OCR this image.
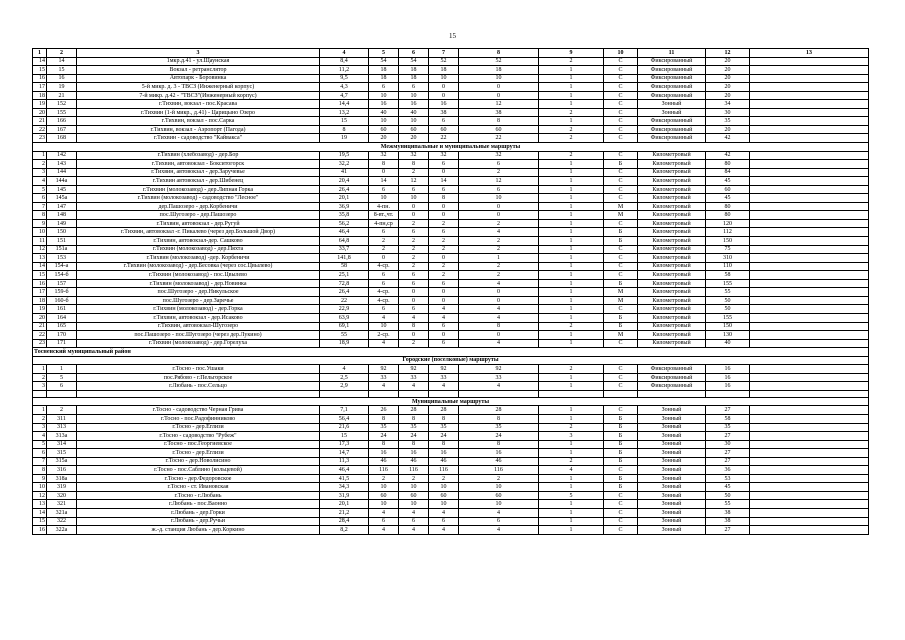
15
1	2	3	4	5	6	7	8	9	10	11	12	13
14	14	1мкр.д.41 - ул.Щаунская	8,4	54	54	52	52	2	С	Фиксированный	20	
15	15	Вокзал - ретранслятор	11,2	18	18	18	18	1	С	Фиксированный	20	
16	16	Автопарк - Боровинка	9,5	18	18	10	10	1	С	Фиксированный	20	
17	19	5-й микр. д. 3 - ТВСЗ (Инженерный корпус)	4,3	6	6	0	0	1	С	Фиксированный	20	
18	21	7-й микр. д.42 - "ТВСЗ"(Инженерный корпус)	4,7	10	10	0	0	1	С	Фиксированный	20	
19	152	г.Тихвин, вокзал - пос.Красава	14,4	16	16	16	12	1	С	Зонный	34	
20	155	г.Тихвин (1-й микр., д.41) - Царицыно Озеро	13,2	40	40	38	38	2	С	Зонный	30	
21	166	г.Тихвин, вокзал - пос.Сарка	15	10	10	6	8	1	С	Фиксированный	35	
22	167	г.Тихвин, вокзал - Аэропорт (Пагода)	8	60	60	60	60	2	С	Фиксированный	20	
23	168	г.Тихвин - садоводство "Кайвакса"	19	20	20	22	22	2	С	Фиксированный	42	
Межмуниципальные и муниципальные маршруты												
1	142	г.Тихвин (хлебозавод) - дер.Бор	19,5	32	32	32	32	2	С	Километровый	42	
2	143	г.Тихвин, автовокзал - Бокситогорск	32,2	8	8	6	6	1	Б	Километровый	80	
3	144	г.Тихвин, автовокзал - дер.Заручевье	41	0	2	0	2	1	С	Километровый	84	
4	144а	г.Тихвин автовокзал - дер.Шибенец	20,4	14	12	14	12	1	С	Километровый	45	
5	145	г.Тихвин (молокозавод) - дер.Липная Горка	26,4	6	6	6	6	1	С	Километровый	60	
6	145а	г.Тихвин (молокозавод) - садоводство "Лесное"	20,1	10	10	8	10	1	С	Километровый	45	
7	147	дер.Пашозеро - дер.Корбеничи	36,9	4-пн.	0	0	0	1	М	Километровый	80	
8	148	пос.Шугозеро - дер.Пашозеро	35,8	8-вт.,чт.	0	0	0	1	М	Километровый	80	
9	149	г.Тихвин, автовокзал - дер.Ругуй	56,2	4-пн,ср	2	2	2	1	С	Километровый	120	
10	150	г.Тихвин, автовокзал -г. Пикалево (через дер.Большой Двор)	46,4	6	6	6	4	1	Б	Километровый	112	
11	151	г.Тихвин, автовокзал-дер. Сашково	64,8	2	2	2	2	1	Б	Километровый	150	
12	151а	г.Тихвин (молокозавод) - дер.Пяхта	33,7	2	2	2	2	1	С	Километровый	75	
13	153	г.Тихвин (молокозавод) -дер. Корбеничи	141,8	0	2	0	1	1	С	Километровый	310	
14	154-а	г.Тихвин (молокозавод) - дер.Бесовка (через сос.Цвылево)	58	4-ср.	2	2	2	1	С	Километровый	110	
15	154-б	г.Тихвин (молокозавод) - пос.Цвылево	25,1	6	6	2	2	1	С	Километровый	58	
16	157	г.Тихвин (молокозавод) - дер.Новинка	72,8	6	6	6	4	1	Б	Километровый	155	
17	159-б	пос.Шугозеро - дер.Никульское	26,4	4-ср.	0	0	0	1	М	Километровый	55	
18	160-б	пос.Шугозеро - дер.Заречье	22	4-ср.	0	0	0	1	М	Километровый	50	
19	161	г.Тихвин (молокозавод) - дер.Горка	22,9	6	6	4	4	1	С	Километровый	50	
20	164	г.Тихвин, автовокзал - дер.Исаково	63,9	4	4	4	4	1	Б	Километровый	155	
21	165	г.Тихвин, автовокзал-Шугозеро	69,1	10	8	6	8	2	Б	Километровый	150	
22	170	пос.Пашозеро - пос.Шугозеро (через дер.Лукино)	55	2-ср.	0	0	0	1	М	Километровый	130	
23	171	г.Тихвин (молокозавод) - дер.Горелуха	18,9	4	2	6	4	1	С	Километровый	40	
Тосненский муниципальный район												
Городские (поселковые) маршруты												
1	1	г.Тосно - пос.Ушаки	4	92	92	92	92	2	С	Фиксированный	16	
2	5	пос.Рябово - г.Пельгорское	2,5	33	33	33	33	1	С	Фиксированный	16	
3	6	г.Любань - пос.Сельцо	2,9	4	4	4	4	1	С	Фиксированный	16	

Муниципальные маршруты												
1	2	г.Тосно - садоводство Черная Грива	7,1	26	28	28	28	1	С	Зонный	27	
2	311	г.Тосно - пос.Радофинниково	56,4	8	8	8	8	1	Б	Зонный	58	
3	313	г.Тосно - дер.Еглизи	21,6	35	35	35	35	2	Б	Зонный	35	
4	313а	г.Тосно - садоводство "Рубеж"	15	24	24	24	24	3	Б	Зонный	27	
5	314	г.Тосно - пос.Георгиевское	17,3	8	8	8	8	1	Б	Зонный	30	
6	315	г.Тосно - дер.Еглизи	14,7	16	16	16	16	1	Б	Зонный	27	
7	315а	г.Тосно - дер.Новолисино	11,3	46	46	46	46	2	Б	Зонный	27	
8	316	г.Тосно - пос.Саблино (кольцевой)	46,4	116	116	116	116	4	С	Зонный	36	
9	318а	г.Тосно - дер.Федоровское	41,5	2	2	2	2	1	Б	Зонный	53	
10	319	г.Тосно - ст. Ивановская	34,3	10	10	10	10	1	Б	Зонный	45	
12	320	г.Тосно - г.Любань	31,9	60	60	60	60	5	С	Зонный	50	
13	321	г.Любань - пос.Ваонно	20,1	10	10	10	10	1	С	Зонный	55	
14	321а	г.Любань - дер.Горки	21,2	4	4	4	4	1	С	Зонный	38	
15	322	г.Любань - дер.Ручьи	28,4	6	6	6	6	1	С	Зонный	38	
16	322а	ж.-д. станция Любань - дер.Коркино	8,2	4	4	4	4	1	С	Зонный	27	
